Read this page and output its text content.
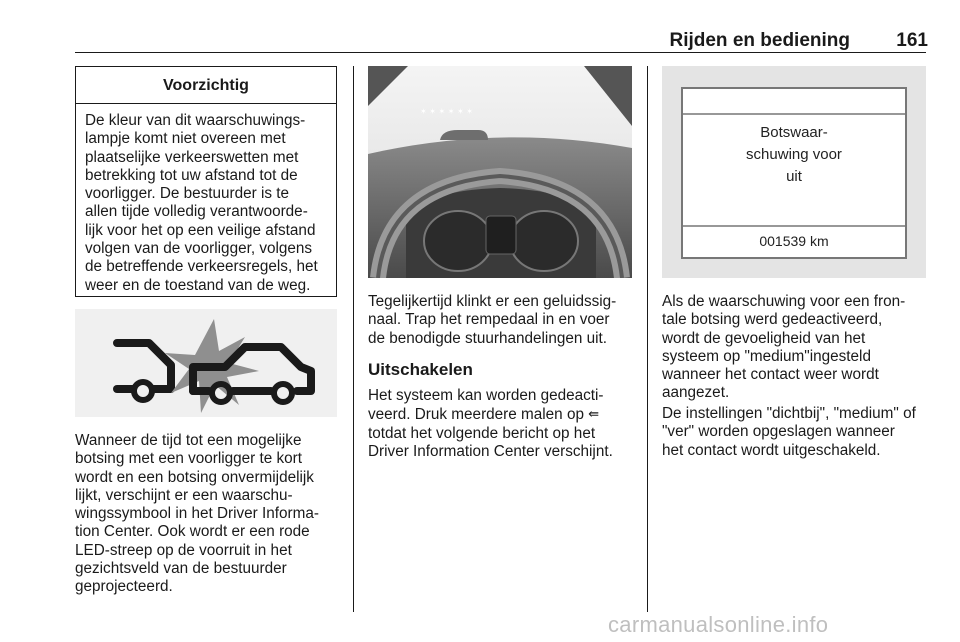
Rijden en bediening	161
Voorzichtig
De kleur van dit waarschuwings-
lampje komt niet overeen met
plaatselijke verkeerswetten met
betrekking tot uw afstand tot de
voorligger. De bestuurder is te
allen tijde volledig verantwoorde-
lijk voor het op een veilige afstand
volgen van de voorligger, volgens
de betreffende verkeersregels, het
weer en de toestand van de weg.
Wanneer de tijd tot een mogelijke
botsing met een voorligger te kort
wordt en een botsing onvermijdelijk
lijkt, verschijnt er een waarschu-
wingssymbool in het Driver Informa-
tion Center. Ook wordt er een rode
LED-streep op de voorruit in het
gezichtsveld van de bestuurder
geprojecteerd.
✶ ✶ ✶ ✶ ✶ ✶
Tegelijkertijd klinkt er een geluidssig-
naal. Trap het rempedaal in en voer
de benodigde stuurhandelingen uit.
Uitschakelen
Het systeem kan worden gedeacti-
veerd. Druk meerdere malen op ⇚
totdat het volgende bericht op het
Driver Information Center verschijnt.
Botswaar-
schuwing voor
uit
001539 km
Als de waarschuwing voor een fron-
tale botsing werd gedeactiveerd,
wordt de gevoeligheid van het
systeem op "medium"ingesteld
wanneer het contact weer wordt
aangezet.
De instellingen "dichtbij", "medium" of
"ver" worden opgeslagen wanneer
het contact wordt uitgeschakeld.
carmanualsonline.info
